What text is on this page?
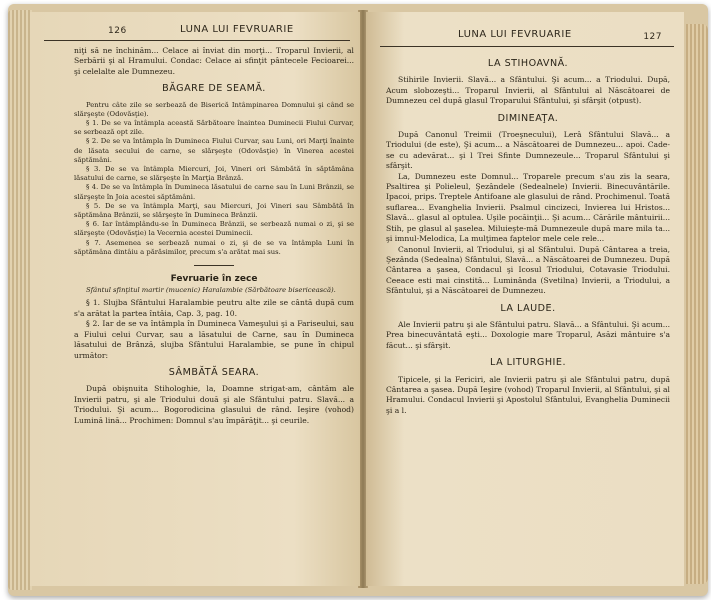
126	LUNA LUI FEVRUARIE

niţi să ne închinăm... Celace ai înviat din morţi... Troparul Invierii, al Serbării şi al Hramului. Condac: Celace ai sfinţit pântecele Fecioarei... şi celelalte ale Dumnezeu.

BĂGARE DE SEAMĂ.

Pentru câte zile se serbează de Biserică Intâmpinarea Domnului şi când se slărşeşte (Odovăsţie).

§ 1. De se va întâmpla această Sărbătoare înaintea Duminecii Fiului Curvar, se serbează opt zile.

§ 2. De se va întâmpla în Duminecа Fiului Curvar, sau Luni, ori Marţi înainte de lăsata secului de carne, se slărşeşte (Odovăsţie) în Vinerea acestei săptămâni.

§ 3. De se va întâmpla Miercuri, Joi, Vineri ori Sâmbătă în săptămâna lăsatului de carne, se slărşeşte în Marţia Brânză.

§ 4. De se va întâmpla în Duminecа lăsatului de carne sau în Luni Brânzii, se slărşeşte în Joia acestei săptămâni.

§ 5. De se va întâmpla Marţi, sau Miercuri, Joi Vineri sau Sâmbătă în săptămâna Brânzii, se slărşeşte în Duminecа Brânzii.

§ 6. Iar întâmplându-se în Duminecа Brânzii, se serbează numai o zi, şi se slărşeşte (Odovăsţie) la Vecernia acestei Duminecii.

§ 7. Asemenea se serbează numai o zi, şi de se va întâmpla Luni în săptămâna dintâiu a părăsimilor, precum s'a arătat mai sus.

Fevruarie în zece

Sfântul sfinţitul martir (mucenic) Haralambie (Sărbătoare bisericească).

§ 1. Slujba Sfântului Haralambie peutru alte zile se cântă după cum s'a arătat la partea întâia, Cap. 3, pag. 10.

§ 2. Iar de se va întâmpla în Duminecа Vameşului şi a Fariseului, sau a Fiului celui Curvar, sau a lăsatului de Carne, sau în Duminecа lăsatului de Brânză, slujba Sfântului Haralambie, se pune în chipul următor:

SÂMBĂTĂ SEARA.

După obişnuita Stihologhie, la, Doamne strigat-am, cântăm ale Invierii patru, şi ale Triodului două şi ale Sfântului patru. Slavă... a Triodului. Şi acum... Bogorodicina glasului de rând. Ieşire (vohod) Lumină lină... Prochimen: Domnul s'au împărăţit... şi ceurile.

LUNA LUI FEVRUARIE	127
LA STIHOAVNĂ.

Stihirile Invierii. Slavă... a Sfântului. Şi acum... a Triodului. După, Acum slobozeşti... Troparul Invierii, al Sfântului al Născătoarei de Dumnezeu cel după glasul Troparului Sfântului, şi sfârşit (otpust).

DIMINEAŢA.

După Canonul Treimii (Troeşnecului), Lerâ Sfântului Slavă... a Triodului (de este), Şi acum... a Născătoarei de Dumnezeu... apoi. Cade-se cu adevărat... şi l Trei Sfinte Dumnezeule... Troparul Sfântului şi sfârşit.

La, Dumnezeu este Domnul... Troparele precum s'au zis la seara, Psaltirea şi Polieleul, Şezândele (Sedealnele) Invierii. Binecuvântările. Ipacoi, prips. Treptele Antifoane ale glasului de rând. Prochimenul. Toată suflarea... Evanghelia Invierii. Psalmul cincizeci, Invierea lui Hristos... Slavă... glasul al optulea. Uşile pocăinţii... Şi acum... Cărările mântuirii... Stih, pe glasul al şaselea. Miluieşte-mă Dumnezeule după mare mila ta... şi imnul-Melodica, La mulţimea faptelor mele cele rele...

Canonul Invierii, al Triodului, şi al Sfântului. După Cântarea a treia, Şezânda (Sedealna) Sfântului, Slavă... a Născătoarei de Dumnezeu. După Cântarea a şasea, Condacul şi Icosul Triodului, Cotavasie Triodului. Ceeace esti mai cinstită... Luminânda (Svetilna) Invierii, a Triodului, a Sfântului, şi a Născătoarei de Dumnezeu.

LA LAUDE.

Ale Invierii patru şi ale Sfântului patru. Slavă... a Sfântului. Şi acum... Prea binecuvântată eşti... Doxologie mare Troparul, Asăzi mântuire s'a făcut... şi sfârşit.

LA LITURGHIE.

Tipicele, şi la Fericiri, ale Invierii patru şi ale Sfântului patru, după Cântarea a şasea. După Ieşire (vohod) Troparul Invierii, al Sfântului, şi al Hramului. Condacul Invierii şi Apostolul Sfântului, Evanghelia Duminecii şi a l.
